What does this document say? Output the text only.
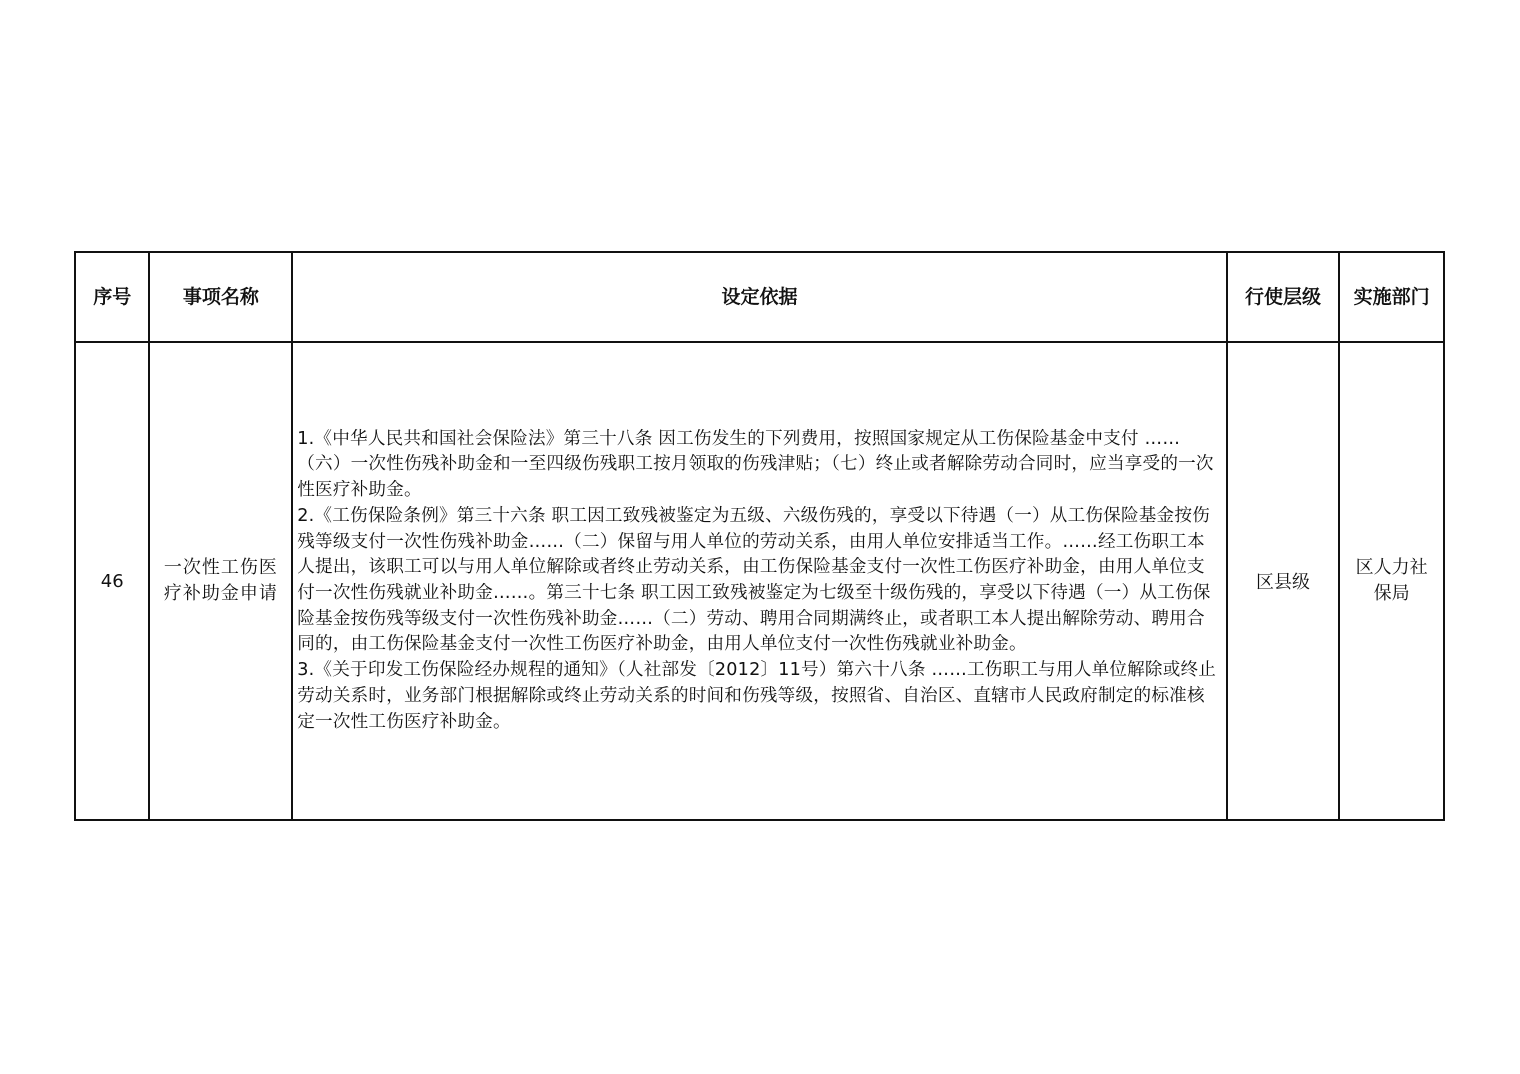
序号	事项名称	设定依据	行使层级	实施部门
46	一次性工伤医疗补助金申请	1.《中华人民共和国社会保险法》第三十八条 因工伤发生的下列费用，按照国家规定从工伤保险基金中支付 ……（六）一次性伤残补助金和一至四级伤残职工按月领取的伤残津贴；（七）终止或者解除劳动合同时，应当享受的一次性医疗补助金。

2.《工伤保险条例》第三十六条 职工因工致残被鉴定为五级、六级伤残的，享受以下待遇（一）从工伤保险基金按伤残等级支付一次性伤残补助金……（二）保留与用人单位的劳动关系，由用人单位安排适当工作。……经工伤职工本人提出，该职工可以与用人单位解除或者终止劳动关系，由工伤保险基金支付一次性工伤医疗补助金，由用人单位支付一次性伤残就业补助金……。第三十七条 职工因工致残被鉴定为七级至十级伤残的，享受以下待遇（一）从工伤保险基金按伤残等级支付一次性伤残补助金……（二）劳动、聘用合同期满终止，或者职工本人提出解除劳动、聘用合同的，由工伤保险基金支付一次性工伤医疗补助金，由用人单位支付一次性伤残就业补助金。

3.《关于印发工伤保险经办规程的通知》（人社部发〔2012〕11号）第六十八条 ……工伤职工与用人单位解除或终止劳动关系时，业务部门根据解除或终止劳动关系的时间和伤残等级，按照省、自治区、直辖市人民政府制定的标准核定一次性工伤医疗补助金。	区县级	区人力社保局
